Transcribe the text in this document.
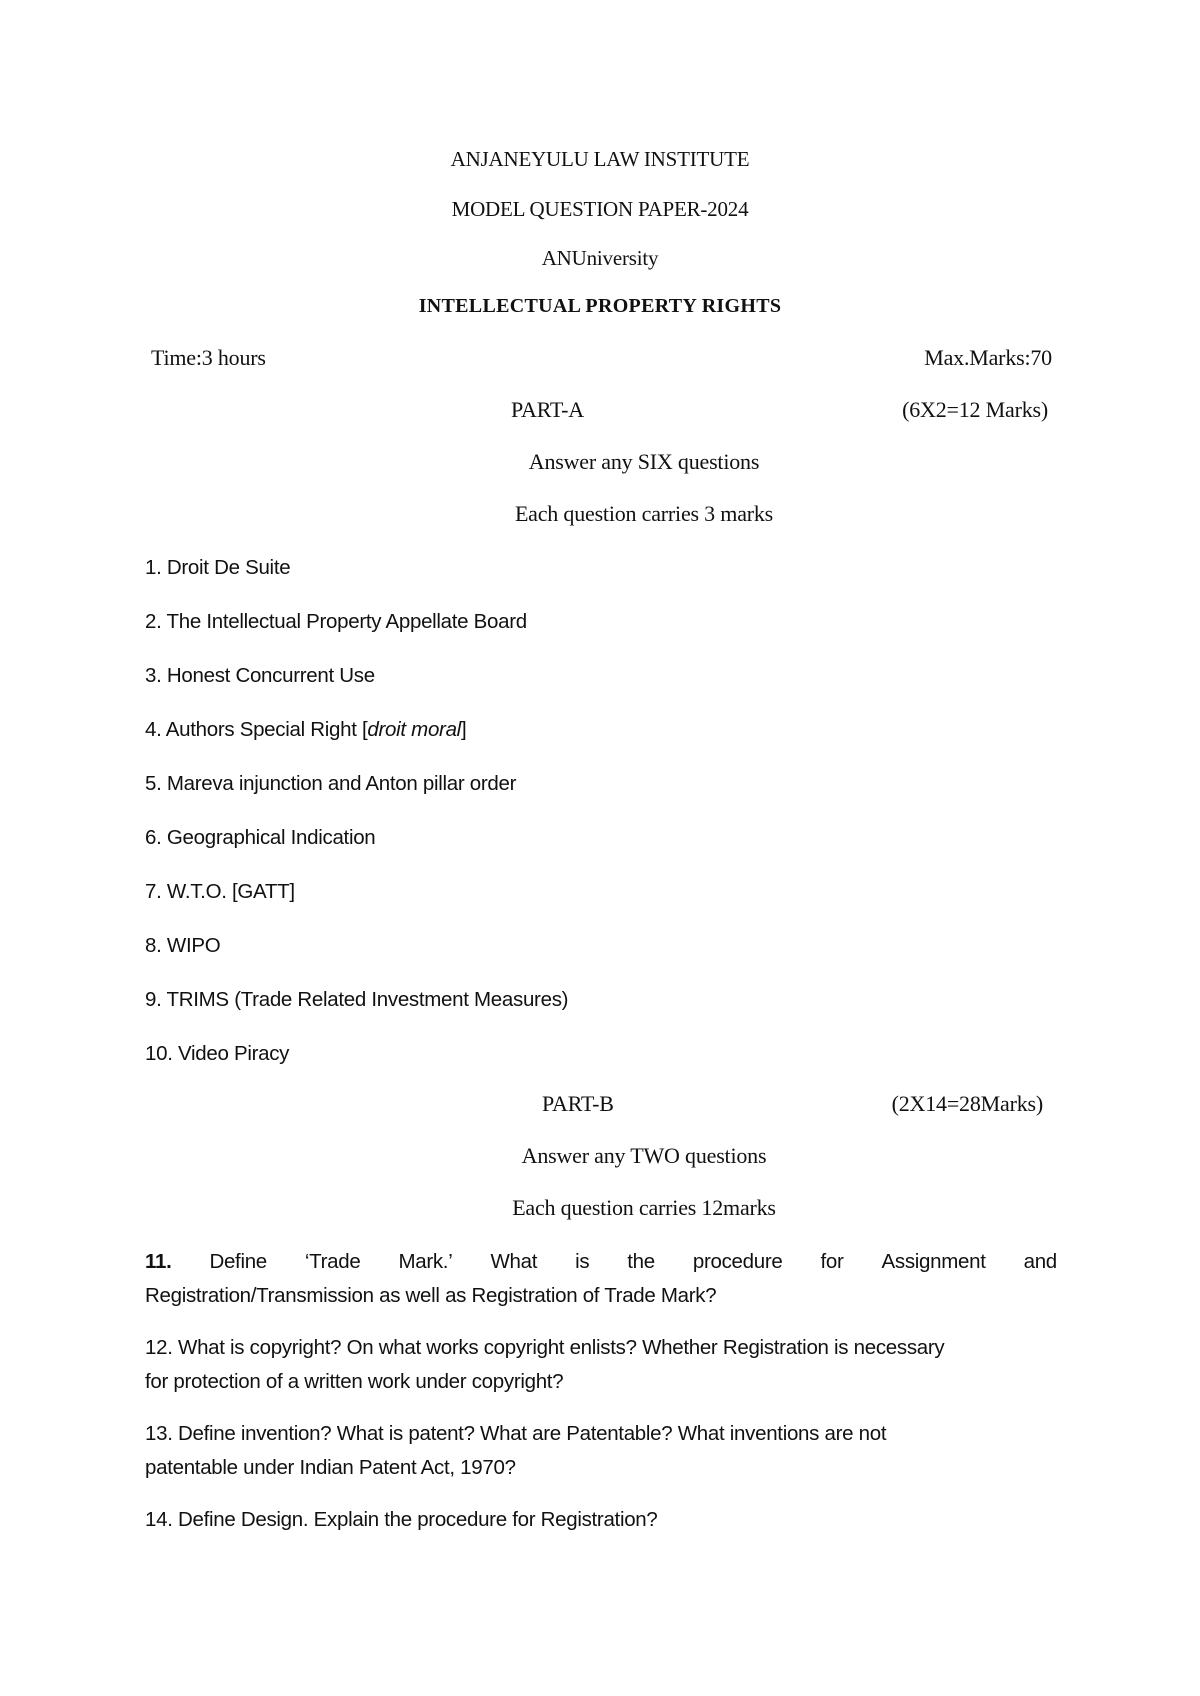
ANJANEYULU LAW INSTITUTE
MODEL QUESTION PAPER-2024
ANUniversity
INTELLECTUAL PROPERTY RIGHTS
Time:3 hours	Max.Marks:70
PART-A	(6X2=12 Marks)
Answer any SIX questions
Each question carries 3 marks
1. Droit De Suite
2. The Intellectual Property Appellate Board
3. Honest Concurrent Use
4. Authors Special Right [droit moral]
5. Mareva injunction and Anton pillar order
6. Geographical Indication
7. W.T.O. [GATT]
8. WIPO
9. TRIMS (Trade Related Investment Measures)
10. Video Piracy
PART-B	(2X14=28Marks)
Answer any TWO questions
Each question carries 12marks
11. Define ‘Trade Mark.’ What is the procedure for Assignment and
Registration/Transmission as well as Registration of Trade Mark?
12. What is copyright? On what works copyright enlists? Whether Registration is necessary
for protection of a written work under copyright?
13. Define invention? What is patent? What are Patentable? What inventions are not
patentable under Indian Patent Act, 1970?
14. Define Design. Explain the procedure for Registration?
